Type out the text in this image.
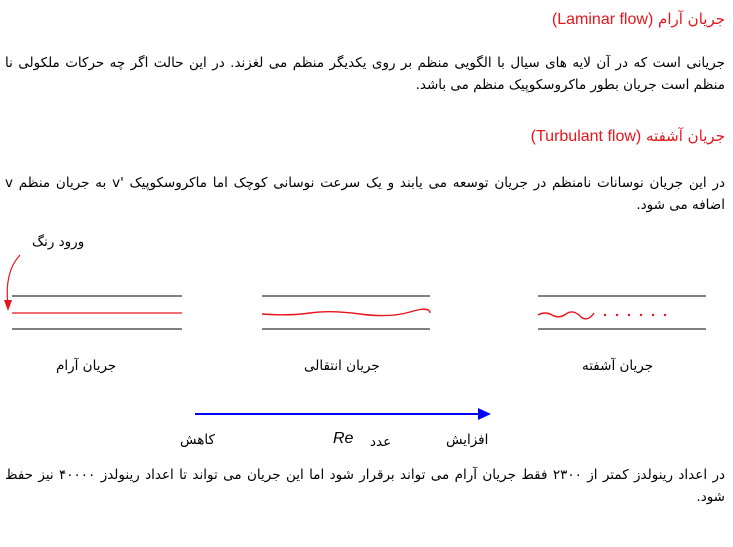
جریان آرام (Laminar flow)
جریانی است که در آن لایه های سیال با الگویی منظم بر روی یکدیگر منظم می لغزند. در این حالت اگر چه حرکات ملکولی نا منظم است جریان بطور ماکروسکوپیک منظم می باشد.
جریان آشفته (Turbulant flow)
در این جریان نوسانات نامنظم در جریان توسعه می یابند و یک سرعت نوسانی کوچک اما ماکروسکوپیک 'v به جریان منظم v اضافه می شود.
ورود رنگ
جریان آرام	جریان انتقالی	جریان آشفته
کاهش	Re عدد	افزایش
در اعداد رینولدز کمتر از ۲۳۰۰ فقط جریان آرام می تواند برقرار شود اما این جریان می تواند تا اعداد رینولدز ۴۰۰۰۰ نیز حفظ شود.
